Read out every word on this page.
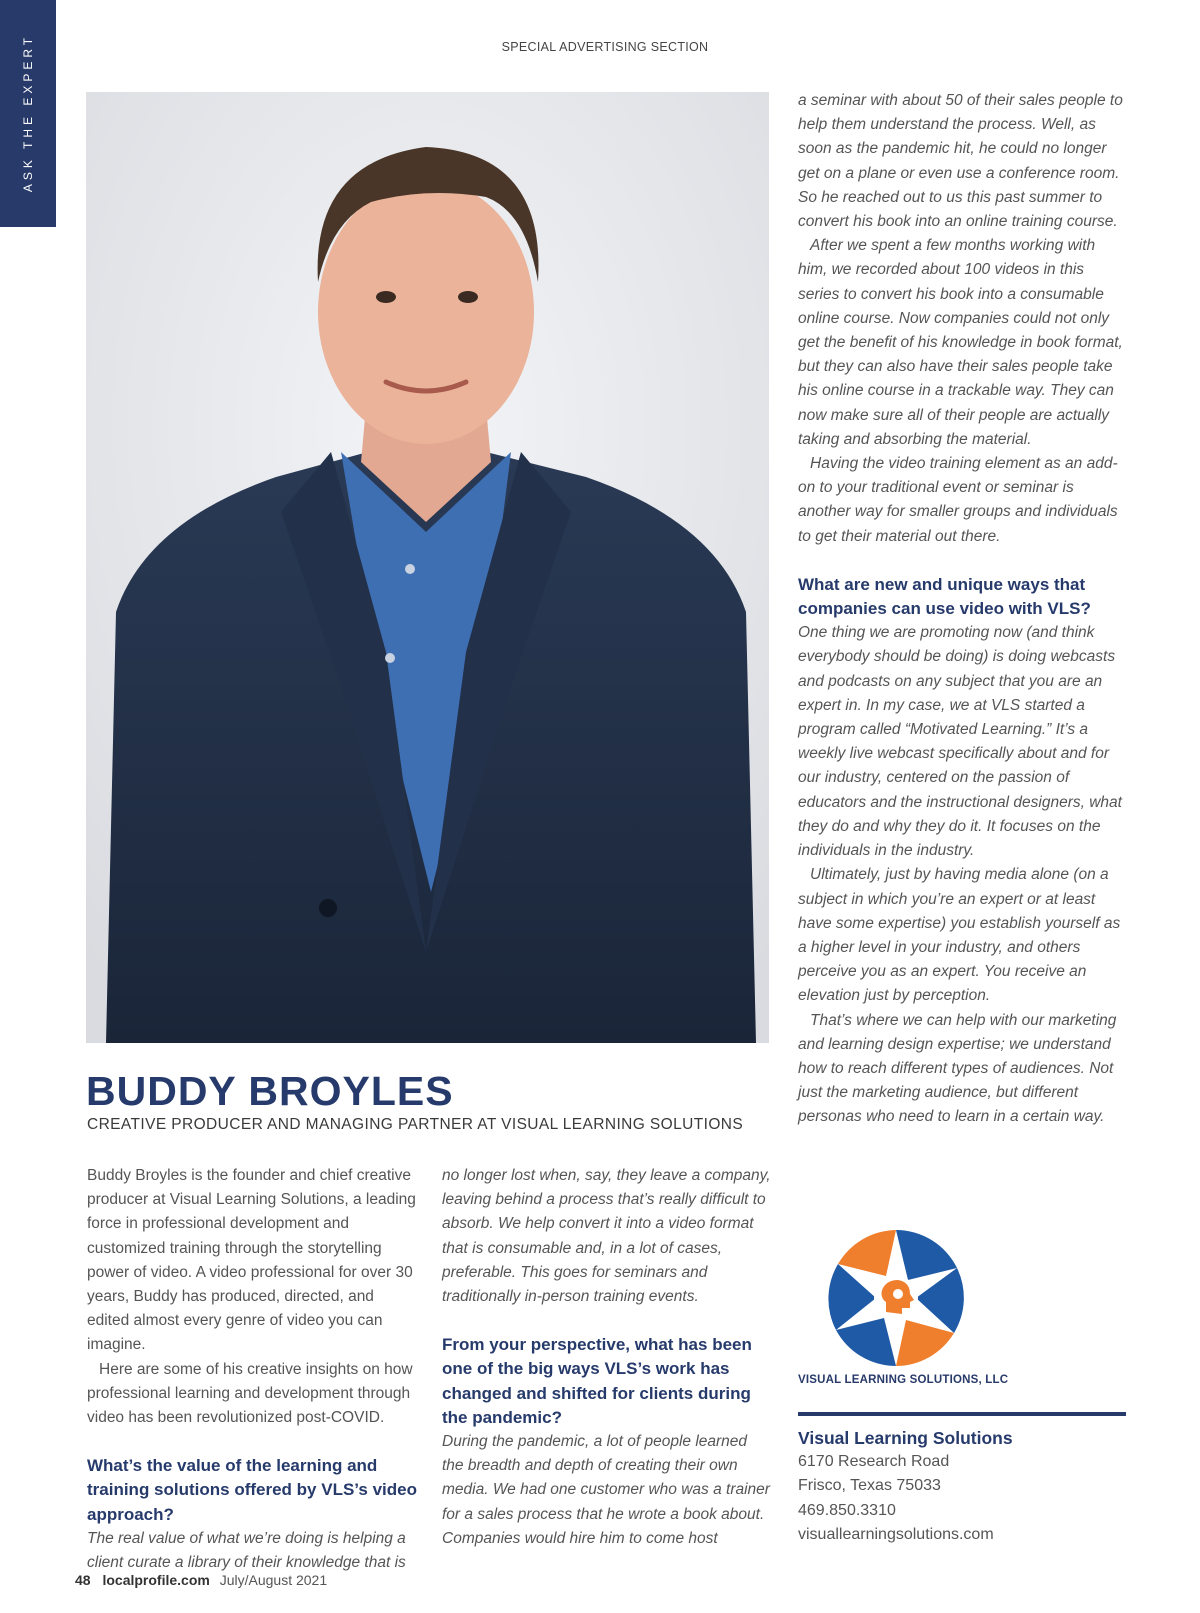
ASK THE EXPERT	SPECIAL ADVERTISING SECTION
BUDDY BROYLES

CREATIVE PRODUCER AND MANAGING PARTNER AT VISUAL LEARNING SOLUTIONS

Buddy Broyles is the founder and chief creative producer at Visual Learning Solutions, a leading force in professional development and customized training through the storytelling power of video. A video professional for over 30 years, Buddy has produced, directed, and edited almost every genre of video you can imagine.

Here are some of his creative insights on how professional learning and development through video has been revolutionized post-COVID.

What’s the value of the learning and training solutions offered by VLS’s video approach?

The real value of what we’re doing is helping a client curate a library of their knowledge that is

no longer lost when, say, they leave a company, leaving behind a process that’s really difficult to absorb. We help convert it into a video format that is consumable and, in a lot of cases, preferable. This goes for seminars and traditionally in-person training events.

From your perspective, what has been one of the big ways VLS’s work has changed and shifted for clients during the pandemic?

During the pandemic, a lot of people learned the breadth and depth of creating their own media. We had one customer who was a trainer for a sales process that he wrote a book about. Companies would hire him to come host

a seminar with about 50 of their sales people to help them understand the process. Well, as soon as the pandemic hit, he could no longer get on a plane or even use a conference room. So he reached out to us this past summer to convert his book into an online training course.

After we spent a few months working with him, we recorded about 100 videos in this series to convert his book into a consumable online course. Now companies could not only get the benefit of his knowledge in book format, but they can also have their sales people take his online course in a trackable way. They can now make sure all of their people are actually taking and absorbing the material.

Having the video training element as an add-on to your traditional event or seminar is another way for smaller groups and individuals to get their material out there.

What are new and unique ways that companies can use video with VLS?

One thing we are promoting now (and think everybody should be doing) is doing webcasts and podcasts on any subject that you are an expert in. In my case, we at VLS started a program called “Motivated Learning.” It’s a weekly live webcast specifically about and for our industry, centered on the passion of educators and the instructional designers, what they do and why they do it. It focuses on the individuals in the industry.

Ultimately, just by having media alone (on a subject in which you’re an expert or at least have some expertise) you establish yourself as a higher level in your industry, and others perceive you as an expert. You receive an elevation just by perception.

That’s where we can help with our marketing and learning design expertise; we understand how to reach different types of audiences. Not just the marketing audience, but different personas who need to learn in a certain way.

VISUAL LEARNING SOLUTIONS, LLC

Visual Learning Solutions
6170 Research Road
Frisco, Texas 75033
469.850.3310
visuallearningsolutions.com
48 localprofile.com July/August 2021
